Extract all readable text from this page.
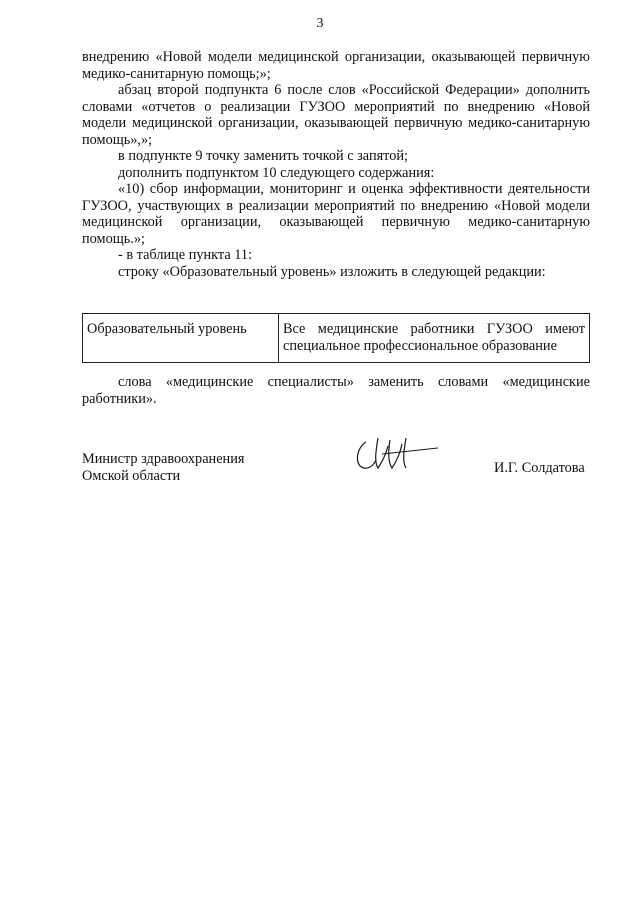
3

внедрению «Новой модели медицинской организации, оказывающей первичную медико-санитарную помощь;»;

абзац второй подпункта 6 после слов «Российской Федерации» дополнить словами «отчетов о реализации ГУЗОО мероприятий по внедрению «Новой модели медицинской организации, оказывающей первичную медико-санитарную помощь»,»;

в подпункте 9 точку заменить точкой с запятой;

дополнить подпунктом 10 следующего содержания:

«10) сбор информации, мониторинг и оценка эффективности деятельности ГУЗОО, участвующих в реализации мероприятий по внедрению «Новой модели медицинской организации, оказывающей первичную медико-санитарную помощь.»;

- в таблице пункта 11:

строку «Образовательный уровень» изложить в следующей редакции:

Образовательный уровень	Все медицинские работники ГУЗОО имеют специальное профессиональное образование

слова «медицинские специалисты» заменить словами «медицинские работники».

Министр здравоохранения
Омской области	И.Г. Солдатова
